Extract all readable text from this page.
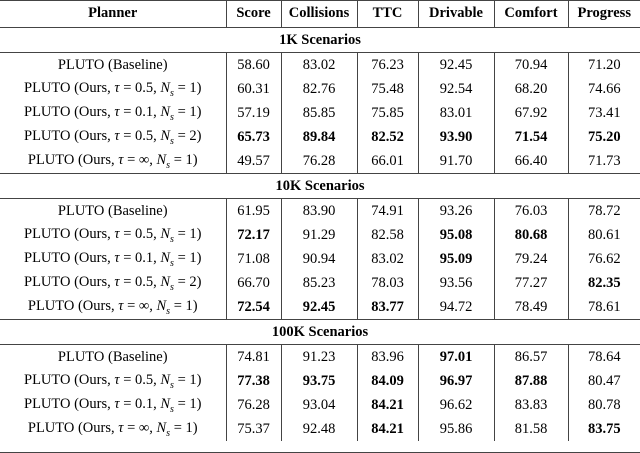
Planner	Score	Collisions	TTC	Drivable	Comfort	Progress
1K Scenarios						
PLUTO (Baseline)	58.60	83.02	76.23	92.45	70.94	71.20
PLUTO (Ours, τ = 0.5, $N_s = 1$)	60.31	82.76	75.48	92.54	68.20	74.66
PLUTO (Ours, τ = 0.1, $N_s = 1$)	57.19	85.85	75.85	83.01	67.92	73.41
PLUTO (Ours, τ = 0.5, $N_s = 2$)	65.73	89.84	82.52	93.90	71.54	75.20
PLUTO (Ours, τ = ∞, $N_s = 1$)	49.57	76.28	66.01	91.70	66.40	71.73
10K Scenarios						
PLUTO (Baseline)	61.95	83.90	74.91	93.26	76.03	78.72
PLUTO (Ours, τ = 0.5, $N_s = 1$)	72.17	91.29	82.58	95.08	80.68	80.61
PLUTO (Ours, τ = 0.1, $N_s = 1$)	71.08	90.94	83.02	95.09	79.24	76.62
PLUTO (Ours, τ = 0.5, $N_s = 2$)	66.70	85.23	78.03	93.56	77.27	82.35
PLUTO (Ours, τ = ∞, $N_s = 1$)	72.54	92.45	83.77	94.72	78.49	78.61
100K Scenarios						
PLUTO (Baseline)	74.81	91.23	83.96	97.01	86.57	78.64
PLUTO (Ours, τ = 0.5, $N_s = 1$)	77.38	93.75	84.09	96.97	87.88	80.47
PLUTO (Ours, τ = 0.1, $N_s = 1$)	76.28	93.04	84.21	96.62	83.83	80.78
PLUTO (Ours, τ = ∞, $N_s = 1$)	75.37	92.48	84.21	95.86	81.58	83.75
